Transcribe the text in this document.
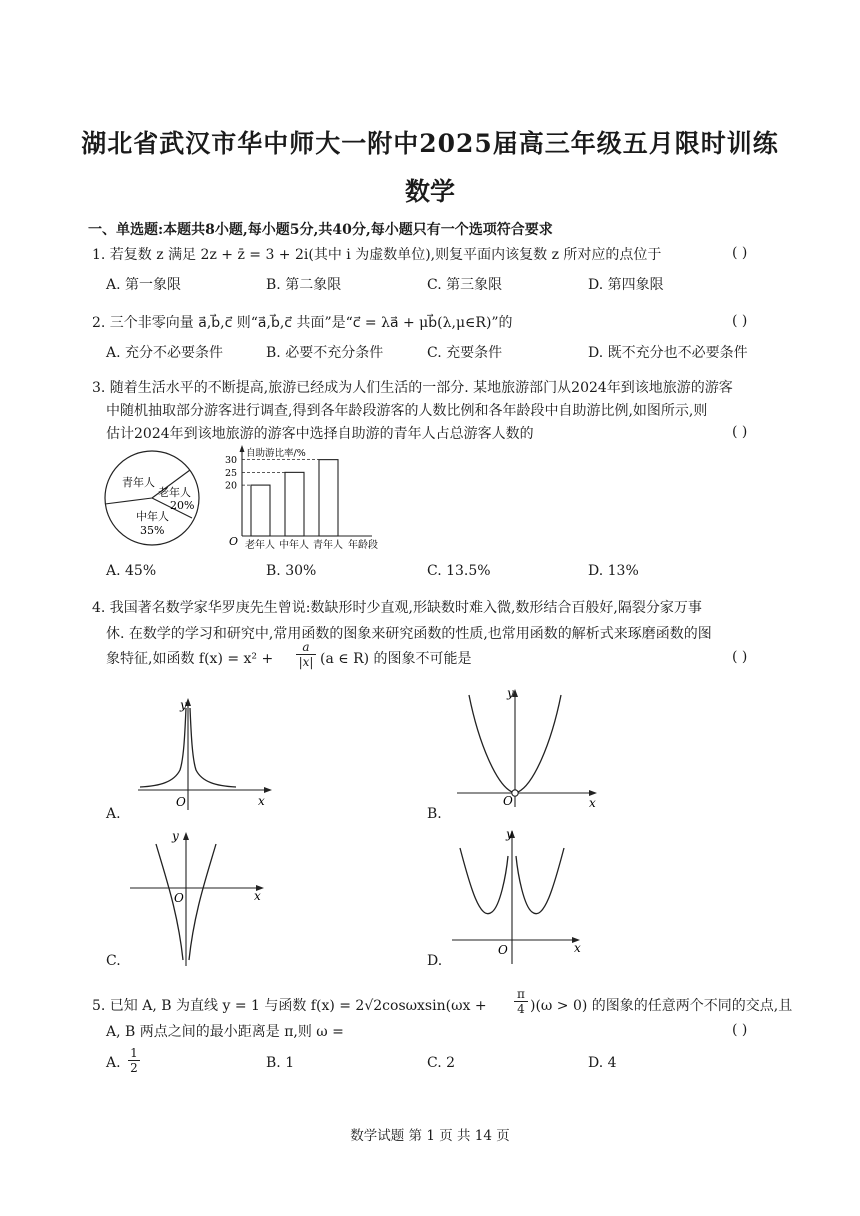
湖北省武汉市华中师大一附中2025届高三年级五月限时训练
数学
一、单选题:本题共8小题,每小题5分,共40分,每小题只有一个选项符合要求
1. 若复数 z 满足 2z + z̄ = 3 + 2i(其中 i 为虚数单位),则复平面内该复数 z 所对应的点位于	( )
A. 第一象限	B. 第二象限	C. 第三象限	D. 第四象限
2. 三个非零向量 a⃗,b⃗,c⃗ 则“a⃗,b⃗,c⃗ 共面”是“c⃗ = λa⃗ + μb⃗(λ,μ∈R)”的	( )
A. 充分不必要条件	B. 必要不充分条件	C. 充要条件	D. 既不充分也不必要条件
3. 随着生活水平的不断提高,旅游已经成为人们生活的一部分. 某地旅游部门从2024年到该地旅游的游客
中随机抽取部分游客进行调查,得到各年龄段游客的人数比例和各年龄段中自助游比例,如图所示,则
估计2024年到该地旅游的游客中选择自助游的青年人占总游客人数的	( )
青年人
老年人
20%
中年人
35%
自助游比率/%
O	年龄段
20
25
30
老年人 中年人 青年人
A. 45%	B. 30%	C. 13.5%	D. 13%
4. 我国著名数学家华罗庚先生曾说:数缺形时少直观,形缺数时难入微,数形结合百般好,隔裂分家万事
休. 在数学的学习和研究中,常用函数的图象来研究函数的性质,也常用函数的解析式来琢磨函数的图
象特征,如函数 $f(x) = x^2 + \frac{a}{|x|} (a$ ∈ R) 的图象不可能是	( )
O	x
y
A.
O	x
y
B.
O	x
y
C.
O	x
y
D.
5. 已知 A, B 为直线 y = 1 与函数 $f(x) = 2√2\cos\omega xsin(\omega x + \frac{\pi}{4} )(\omega > 0)$ 的图象的任意两个不同的交点,且
A, B 两点之间的最小距离是 π,则 ω =	( )
A. $\frac{1}{2}$	B. 1	C. 2	D. 4
数学试题 第 1 页 共 14 页
